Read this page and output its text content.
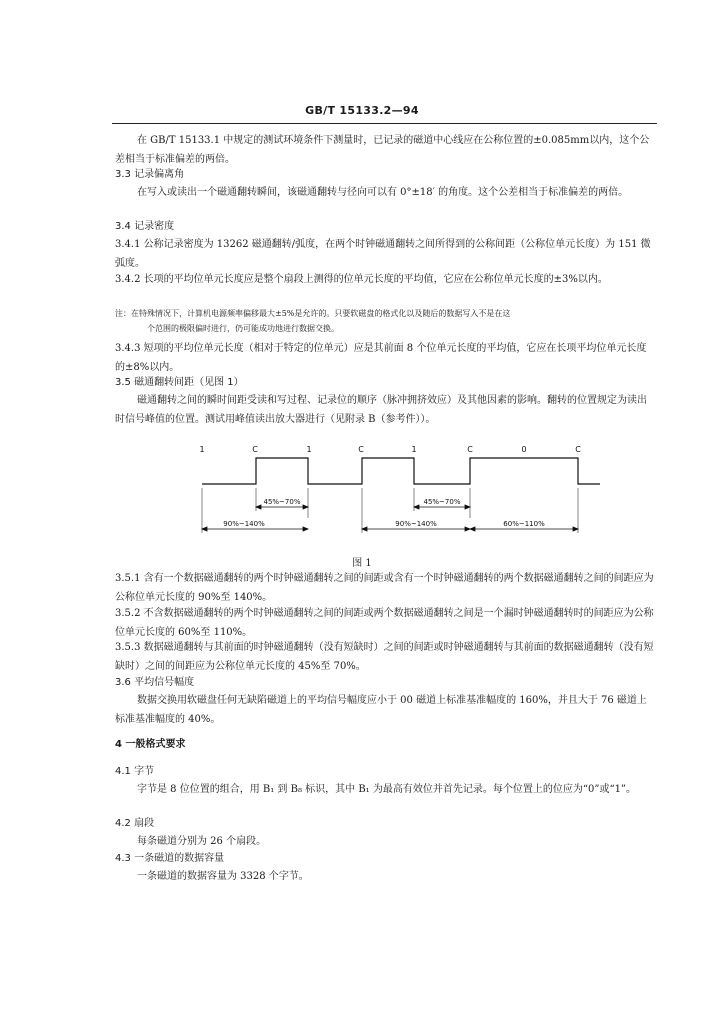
GB/T 15133.2—94

在 GB/T 15133.1 中规定的测试环境条件下测量时，已记录的磁道中心线应在公称位置的±0.085mm以内，这个公差相当于标准偏差的两倍。

3.3 记录偏离角

在写入或读出一个磁通翻转瞬间，该磁通翻转与径向可以有 0°±18′ 的角度。这个公差相当于标准偏差的两倍。

3.4 记录密度

3.4.1 公称记录密度为 13262 磁通翻转/弧度，在两个时钟磁通翻转之间所得到的公称间距（公称位单元长度）为 151 微弧度。

3.4.2 长项的平均位单元长度应是整个扇段上测得的位单元长度的平均值，它应在公称位单元长度的±3%以内。

注：在特殊情况下，计算机电源频率偏移最大±5%是允许的。只要软磁盘的格式化以及随后的数据写入不是在这
个范围的极限偏时进行，仍可能成功地进行数据交换。

3.4.3 短项的平均位单元长度（相对于特定的位单元）应是其前面 8 个位单元长度的平均值，它应在长项平均位单元长度的±8%以内。

3.5 磁通翻转间距（见图 1）

磁通翻转之间的瞬时间距受读和写过程、记录位的顺序（脉冲拥挤效应）及其他因素的影响。翻转的位置规定为读出时信号峰值的位置。测试用峰值读出放大器进行（见附录 B（参考件））。

1	C	1	C	1	C	0	C
45%~70%	45%~70%
90%~140%	90%~140%	60%~110%
图 1

3.5.1 含有一个数据磁通翻转的两个时钟磁通翻转之间的间距或含有一个时钟磁通翻转的两个数据磁通翻转之间的间距应为公称位单元长度的 90%至 140%。

3.5.2 不含数据磁通翻转的两个时钟磁通翻转之间的间距或两个数据磁通翻转之间是一个漏时钟磁通翻转时的间距应为公称位单元长度的 60%至 110%。

3.5.3 数据磁通翻转与其前面的时钟磁通翻转（没有短缺时）之间的间距或时钟磁通翻转与其前面的数据磁通翻转（没有短缺时）之间的间距应为公称位单元长度的 45%至 70%。

3.6 平均信号幅度

数据交换用软磁盘任何无缺陷磁道上的平均信号幅度应小于 00 磁道上标准基准幅度的 160%，并且大于 76 磁道上标准基准幅度的 40%。

4 一般格式要求

4.1 字节

字节是 8 位位置的组合，用 B₁ 到 B₈ 标识，其中 B₁ 为最高有效位并首先记录。每个位置上的位应为“0”或“1”。

4.2 扇段

每条磁道分别为 26 个扇段。

4.3 一条磁道的数据容量

一条磁道的数据容量为 3328 个字节。
